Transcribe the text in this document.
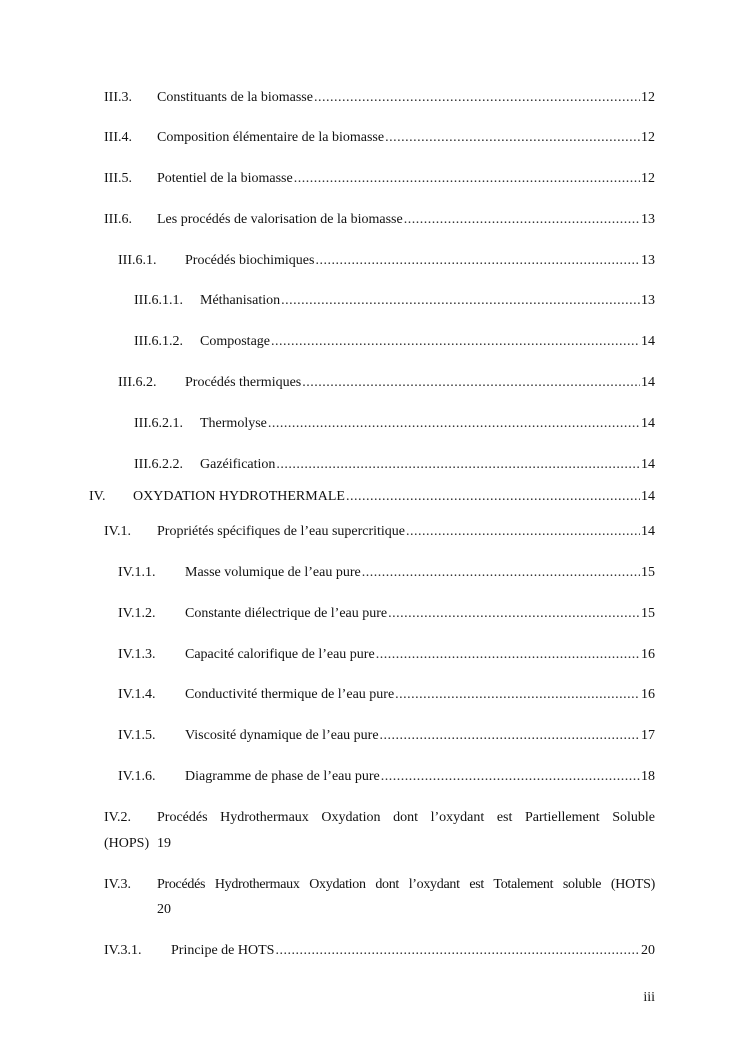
III.3. Constituants de la biomasse .....	12
III.4. Composition élémentaire de la biomasse .....	12
III.5. Potentiel de la biomasse .....	12
III.6. Les procédés de valorisation de la biomasse .....	13
III.6.1. Procédés biochimiques .....	13
III.6.1.1. Méthanisation .....	13
III.6.1.2. Compostage .....	14
III.6.2. Procédés thermiques .....	14
III.6.2.1. Thermolyse .....	14
III.6.2.2. Gazéification .....	14
IV. OXYDATION HYDROTHERMALE .....	14
IV.1. Propriétés spécifiques de l’eau supercritique .....	14
IV.1.1. Masse volumique de l’eau pure .....	15
IV.1.2. Constante diélectrique de l’eau pure .....	15
IV.1.3. Capacité calorifique de l’eau pure .....	16
IV.1.4. Conductivité thermique de l’eau pure .....	16
IV.1.5. Viscosité dynamique de l’eau pure .....	17
IV.1.6. Diagramme de phase de l’eau pure .....	18
IV.2. Procédés Hydrothermaux Oxydation dont l’oxydant est Partiellement Soluble
(HOPS) 19
IV.3. Procédés Hydrothermaux Oxydation dont l’oxydant est Totalement soluble (HOTS)
20
IV.3.1. Principe de HOTS .....	20
iii
